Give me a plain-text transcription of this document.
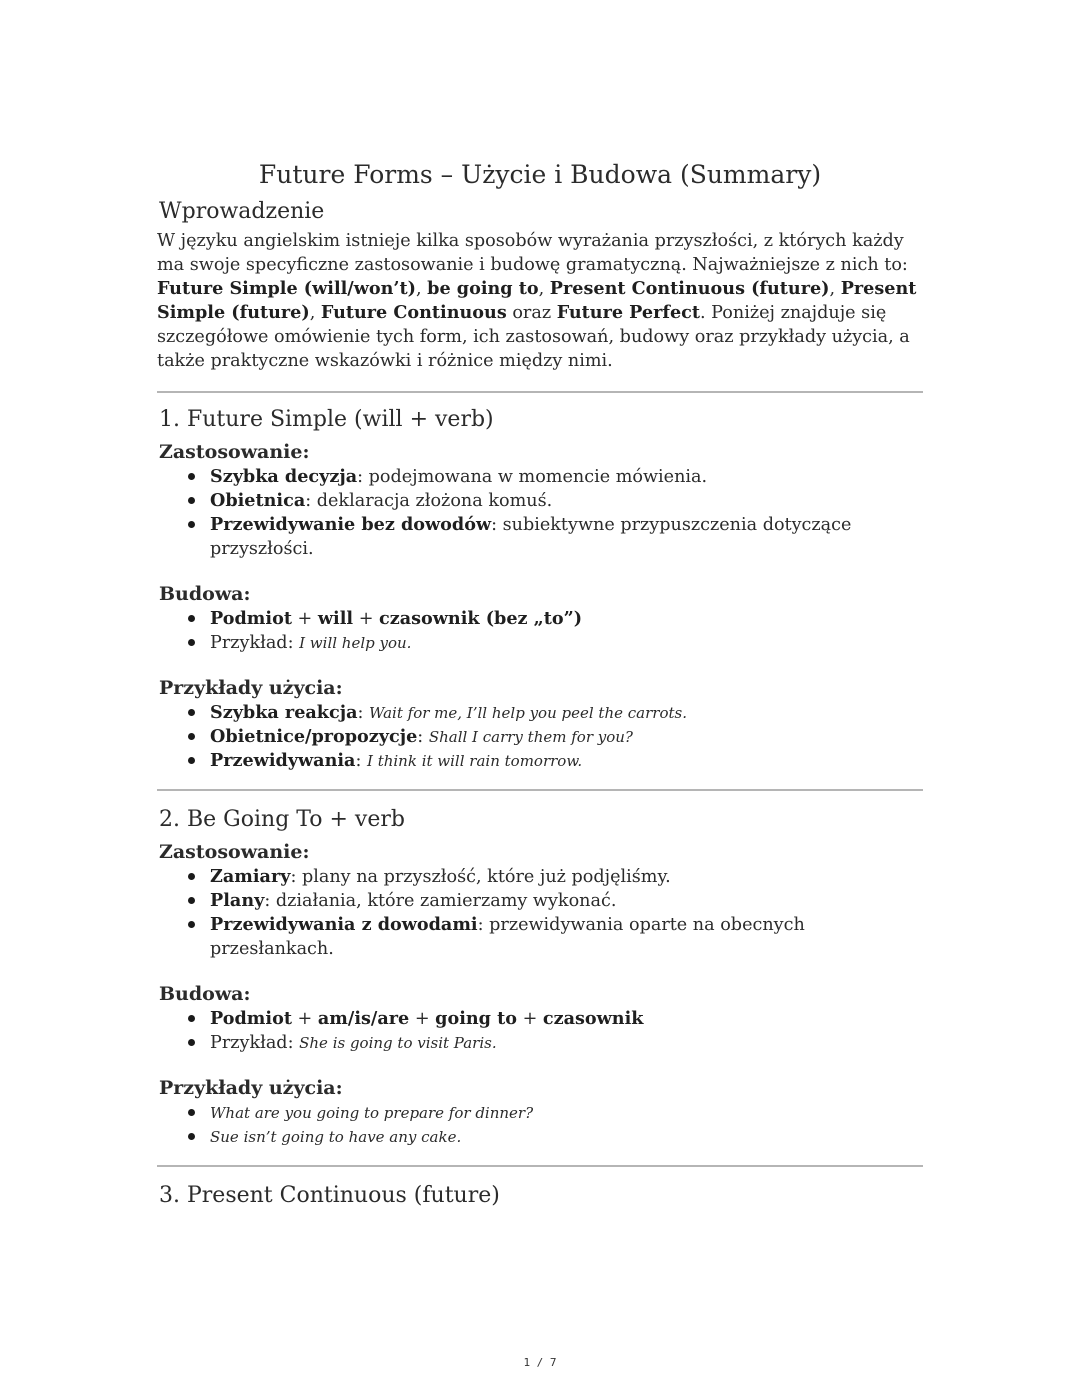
Future Forms – Użycie i Budowa (Summary)
Wprowadzenie

W języku angielskim istnieje kilka sposobów wyrażania przyszłości, z których każdy ma swoje specyficzne zastosowanie i budowę gramatyczną. Najważniejsze z nich to: Future Simple (will/won’t), be going to, Present Continuous (future), Present Simple (future), Future Continuous oraz Future Perfect. Poniżej znajduje się szczegółowe omówienie tych form, ich zastosowań, budowy oraz przykłady użycia, a także praktyczne wskazówki i różnice między nimi.

1. Future Simple (will + verb)
Zastosowanie:
Szybka decyzja: podejmowana w momencie mówienia.
Obietnica: deklaracja złożona komuś.
Przewidywanie bez dowodów: subiektywne przypuszczenia dotyczące przyszłości.
Budowa:
Podmiot + will + czasownik (bez „to”)
Przykład: I will help you.
Przykłady użycia:
Szybka reakcja: Wait for me, I’ll help you peel the carrots.
Obietnice/propozycje: Shall I carry them for you?
Przewidywania: I think it will rain tomorrow.
2. Be Going To + verb
Zastosowanie:
Zamiary: plany na przyszłość, które już podjęliśmy.
Plany: działania, które zamierzamy wykonać.
Przewidywania z dowodami: przewidywania oparte na obecnych przesłankach.
Budowa:
Podmiot + am/is/are + going to + czasownik
Przykład: She is going to visit Paris.
Przykłady użycia:
What are you going to prepare for dinner?
Sue isn’t going to have any cake.
3. Present Continuous (future)
1 / 7
